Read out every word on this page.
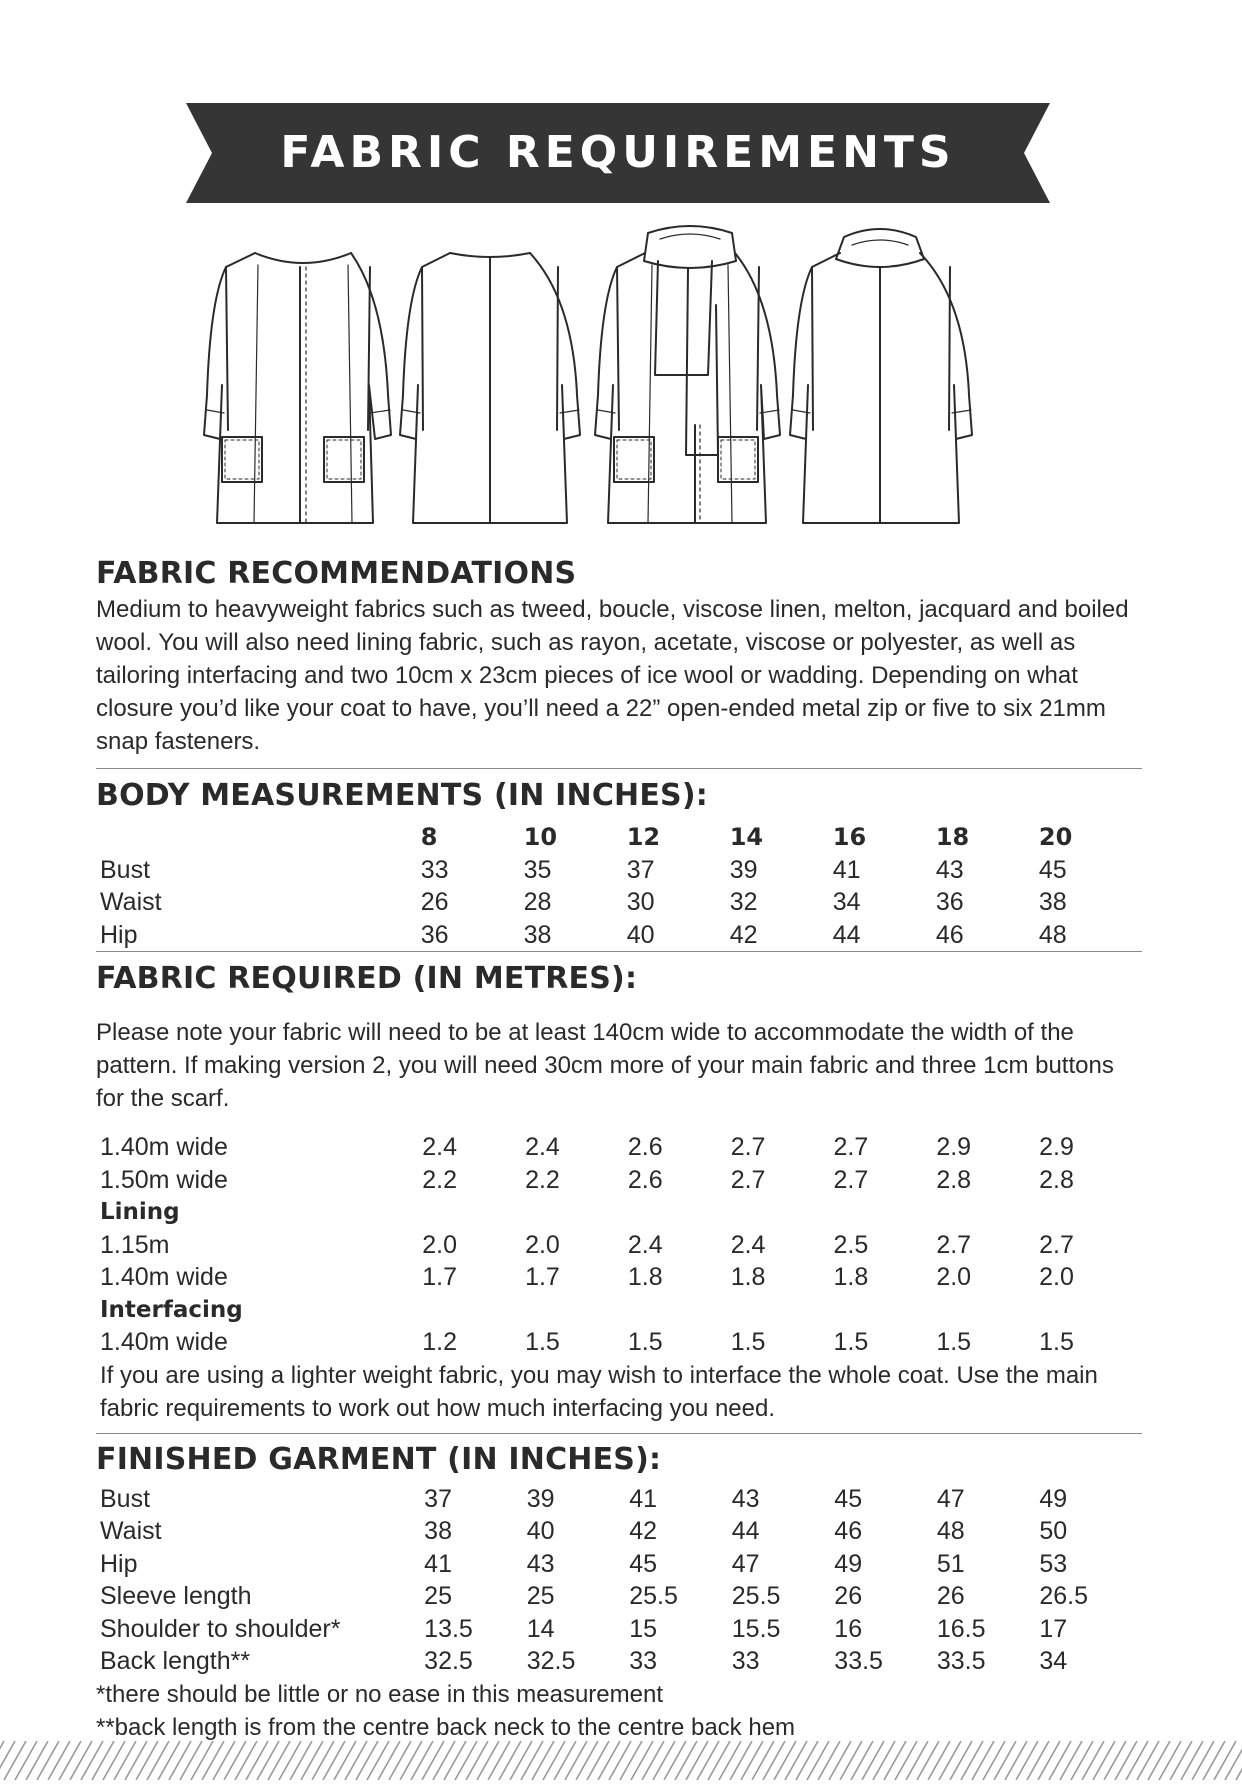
FABRIC REQUIREMENTS
FABRIC RECOMMENDATIONS

Medium to heavyweight fabrics such as tweed, boucle, viscose linen, melton, jacquard and boiled wool. You will also need lining fabric, such as rayon, acetate, viscose or polyester, as well as tailoring interfacing and two 10cm x 23cm pieces of ice wool or wadding. Depending on what closure you’d like your coat to have, you’ll need a 22” open-ended metal zip or five to six 21mm snap fasteners.

BODY MEASUREMENTS (IN INCHES):
	8	10	12	14	16	18	20
Bust	33	35	37	39	41	43	45
Waist	26	28	30	32	34	36	38
Hip	36	38	40	42	44	46	48
FABRIC REQUIRED (IN METRES):

Please note your fabric will need to be at least 140cm wide to accommodate the width of the pattern. If making version 2, you will need 30cm more of your main fabric and three 1cm buttons for the scarf.

1.40m wide	2.4	2.4	2.6	2.7	2.7	2.9	2.9
1.50m wide	2.2	2.2	2.6	2.7	2.7	2.8	2.8
Lining							
1.15m	2.0	2.0	2.4	2.4	2.5	2.7	2.7
1.40m wide	1.7	1.7	1.8	1.8	1.8	2.0	2.0
Interfacing							
1.40m wide	1.2	1.5	1.5	1.5	1.5	1.5	1.5

If you are using a lighter weight fabric, you may wish to interface the whole coat. Use the main fabric requirements to work out how much interfacing you need.

FINISHED GARMENT (IN INCHES):
Bust	37	39	41	43	45	47	49
Waist	38	40	42	44	46	48	50
Hip	41	43	45	47	49	51	53
Sleeve length	25	25	25.5	25.5	26	26	26.5
Shoulder to shoulder*	13.5	14	15	15.5	16	16.5	17
Back length**	32.5	32.5	33	33	33.5	33.5	34
*there should be little or no ease in this measurement
**back length is from the centre back neck to the centre back hem
